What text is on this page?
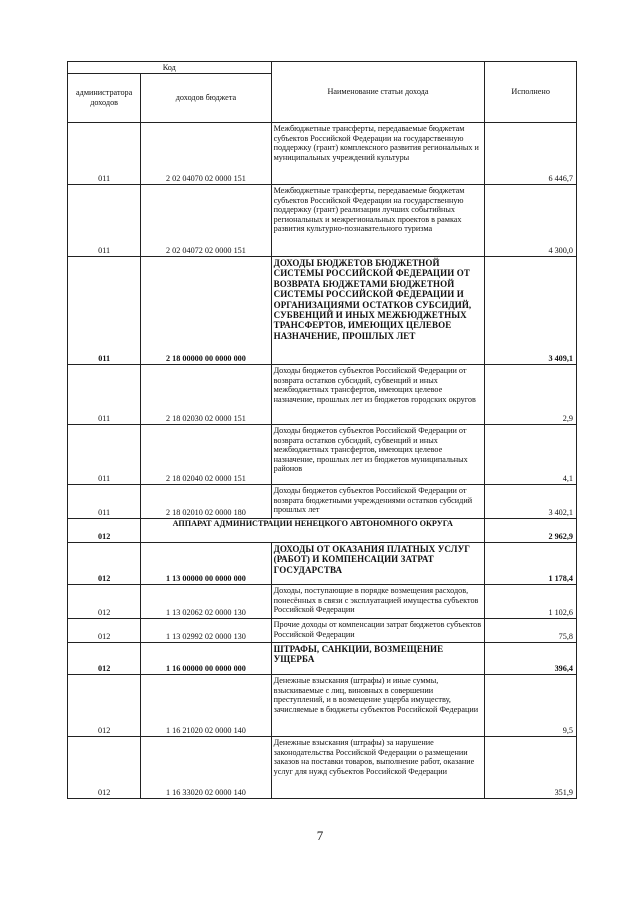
Код		Наименование статьи дохода	Исполнено
администратора доходов	доходов бюджета		
011	2 02 04070 02 0000 151	Межбюджетные трансферты, передаваемые бюджетам субъектов Российской Федерации на государственную поддержку (грант) комплексного развития региональных и муниципальных учреждений культуры	6 446,7
011	2 02 04072 02 0000 151	Межбюджетные трансферты, передаваемые бюджетам субъектов Российской Федерации на государственную поддержку (грант) реализации лучших событийных региональных и межрегиональных проектов в рамках развития культурно-познавательного туризма	4 300,0
011	2 18 00000 00 0000 000	ДОХОДЫ БЮДЖЕТОВ БЮДЖЕТНОЙ СИСТЕМЫ РОССИЙСКОЙ ФЕДЕРАЦИИ ОТ ВОЗВРАТА БЮДЖЕТАМИ БЮДЖЕТНОЙ СИСТЕМЫ РОССИЙСКОЙ ФЕДЕРАЦИИ И ОРГАНИЗАЦИЯМИ ОСТАТКОВ СУБСИДИЙ, СУБВЕНЦИЙ И ИНЫХ МЕЖБЮДЖЕТНЫХ ТРАНСФЕРТОВ, ИМЕЮЩИХ ЦЕЛЕВОЕ НАЗНАЧЕНИЕ, ПРОШЛЫХ ЛЕТ	3 409,1
011	2 18 02030 02 0000 151	Доходы бюджетов субъектов Российской Федерации от возврата остатков субсидий, субвенций и иных межбюджетных трансфертов, имеющих целевое назначение, прошлых лет из бюджетов городских округов	2,9
011	2 18 02040 02 0000 151	Доходы бюджетов субъектов Российской Федерации от возврата остатков субсидий, субвенций и иных межбюджетных трансфертов, имеющих целевое назначение, прошлых лет из бюджетов муниципальных районов	4,1
011	2 18 02010 02 0000 180	Доходы бюджетов субъектов Российской Федерации от возврата бюджетными учреждениями остатков субсидий прошлых лет	3 402,1
012	АППАРАТ АДМИНИСТРАЦИИ НЕНЕЦКОГО АВТОНОМНОГО ОКРУГА		2 962,9
012	1 13 00000 00 0000 000	ДОХОДЫ ОТ ОКАЗАНИЯ ПЛАТНЫХ УСЛУГ (РАБОТ) И КОМПЕНСАЦИИ ЗАТРАТ ГОСУДАРСТВА	1 178,4
012	1 13 02062 02 0000 130	Доходы, поступающие в порядке возмещения расходов, понесённых в связи с эксплуатацией имущества субъектов Российской Федерации	1 102,6
012	1 13 02992 02 0000 130	Прочие доходы от компенсации затрат бюджетов субъектов Российской Федерации	75,8
012	1 16 00000 00 0000 000	ШТРАФЫ, САНКЦИИ, ВОЗМЕЩЕНИЕ УЩЕРБА	396,4
012	1 16 21020 02 0000 140	Денежные взыскания (штрафы) и иные суммы, взыскиваемые с лиц, виновных в совершении преступлений, и в возмещение ущерба имуществу, зачисляемые в бюджеты субъектов Российской Федерации	9,5
012	1 16 33020 02 0000 140	Денежные взыскания (штрафы) за нарушение законодательства Российской Федерации о размещении заказов на поставки товаров, выполнение работ, оказание услуг для нужд субъектов Российской Федерации	351,9
7
